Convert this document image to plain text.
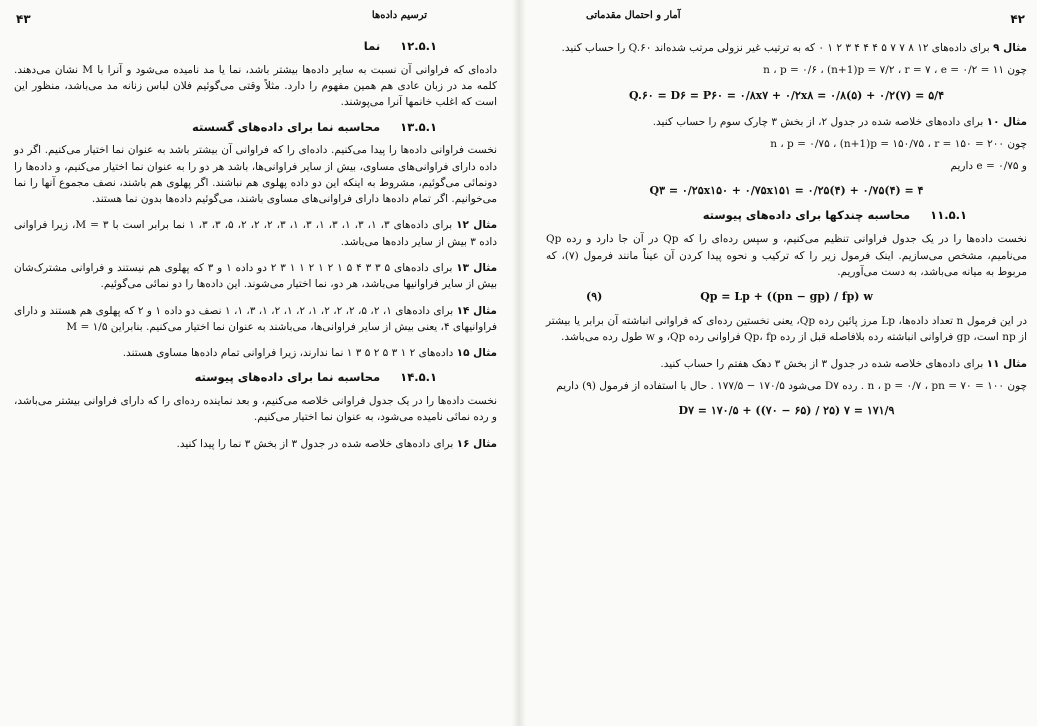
۴۳	ترسیم داده‌ها
۱۲.۵.۱ نما

داده‌ای که فراوانی آن نسبت به سایر داده‌ها بیشتر باشد، نما یا مد نامیده می‌شود و آنرا با M نشان می‌دهند. کلمه مد در زبان عادی هم همین مفهوم را دارد. مثلاً وقتی می‌گوئیم فلان لباس زنانه مد می‌باشد، منظور این است که اغلب خانمها آنرا می‌پوشند.

۱۳.۵.۱ محاسبه نما برای داده‌های گسسته

نخست فراوانی داده‌ها را پیدا می‌کنیم. داده‌ای را که فراوانی آن بیشتر باشد به عنوان نما اختیار می‌کنیم. اگر دو داده دارای فراوانی‌های مساوی، بیش از سایر فراوانی‌ها، باشد هر دو را به عنوان نما اختیار می‌کنیم، و داده‌ها را دونمائی می‌گوئیم، مشروط به اینکه این دو داده پهلوی هم نباشند. اگر پهلوی هم باشند، نصف مجموع آنها را نما می‌خوانیم. اگر تمام داده‌ها دارای فراوانی‌های مساوی باشند، می‌گوئیم داده‌ها بدون نما هستند.

مثال ۱۲ برای داده‌های ۳، ۱، ۳، ۱، ۳، ۱، ۳، ۱، ۳، ۲، ۲، ۲، ۵، ۳، ۳، ۱ نما برابر است با ۳ = M، زیرا فراوانی داده ۳ بیش از سایر داده‌ها می‌باشد.

مثال ۱۳ برای داده‌های ۵ ۳ ۳ ۴ ۵ ۱ ۲ ۱ ۲ ۱ ۱ ۳ ۲ دو داده ۱ و ۳ که پهلوی هم نیستند و فراوانی مشترک‌شان بیش از سایر فراوانیها می‌باشد، هر دو، نما اختیار می‌شوند. این داده‌ها را دو نمائی می‌گوئیم.

مثال ۱۴ برای داده‌های ۱، ۲، ۵، ۲، ۲، ۲، ۱، ۲، ۱، ۲، ۱، ۳، ۱، ۱ نصف دو داده ۱ و ۲ که پهلوی هم هستند و دارای فراوانیهای ۴، یعنی بیش از سایر فراوانی‌ها، می‌باشند به عنوان نما اختیار می‌کنیم. بنابراین ۱/۵ = M

مثال ۱۵ داده‌های ۲ ۱ ۳ ۵ ۲ ۵ ۳ ۱ نما ندارند، زیرا فراوانی تمام داده‌ها مساوی هستند.

۱۴.۵.۱ محاسبه نما برای داده‌های پیوسته

نخست داده‌ها را در یک جدول فراوانی خلاصه می‌کنیم، و بعد نماینده رده‌ای را که دارای فراوانی بیشتر می‌باشد، و رده نمائی نامیده می‌شود، به عنوان نما اختیار می‌کنیم.

مثال ۱۶ برای داده‌های خلاصه شده در جدول ۳ از بخش ۳ نما را پیدا کنید.

۴۲
آمار و احتمال مقدماتی

مثال ۹ برای داده‌های ۱۲ ۸ ۷ ۷ ۵ ۴ ۴ ۴ ۳ ۲ ۱ ۰ که به ترتیب غیر نزولی مرتب شده‌اند Q.۶۰ را حساب کنید.

چون ۱۱ = n ، p = ۰/۶ ، (n+1)p = ۷/۲ ، r = ۷ ، e = ۰/۲

Q.۶۰ = D۶ = P۶۰ = ۰/۸x۷ + ۰/۲x۸ = ۰/۸(۵) + ۰/۲(۷) = ۵/۴

مثال ۱۰ برای داده‌های خلاصه شده در جدول ۲، از بخش ۳ چارک سوم را حساب کنید.

چون ۲۰۰ = n ، p = ۰/۷۵ ، (n+1)p = ۱۵۰/۷۵ ، r = ۱۵۰

و ۰/۷۵ = e داریم

Q۳ = ۰/۲۵x۱۵۰ + ۰/۷۵x۱۵۱ = ۰/۲۵(۴) + ۰/۷۵(۴) = ۴
۱۱.۵.۱ محاسبه چندکها برای داده‌های پیوسته

نخست داده‌ها را در یک جدول فراوانی تنظیم می‌کنیم، و سپس رده‌ای را که Qp در آن جا دارد و رده Qp می‌نامیم، مشخص می‌سازیم. اینک فرمول زیر را که ترکیب و نحوه پیدا کردن آن عیناً مانند فرمول (۷)، که مربوط به میانه می‌باشد، به دست می‌آوریم.

(۹)	Qp = Lp + ((pn − gp) / fp) w

در این فرمول n تعداد داده‌ها، Lp مرز پائین رده Qp، یعنی نخستین رده‌ای که فراوانی انباشته آن برابر یا بیشتر از np است، gp فراوانی انباشته رده بلافاصله قبل از رده Qp، fp فراوانی رده Qp، و w طول رده می‌باشد.

مثال ۱۱ برای داده‌های خلاصه شده در جدول ۳ از بخش ۳ دهک هفتم را حساب کنید.

چون ۱۰۰ = n ، p = ۰/۷ ، pn = ۷۰ . رده D۷ می‌شود ۱۷۰/۵ − ۱۷۷/۵ . حال با استفاده از فرمول (۹) داریم

D۷ = ۱۷۰/۵ + ((۷۰ − ۶۵) / ۲۵) ۷ = ۱۷۱/۹
